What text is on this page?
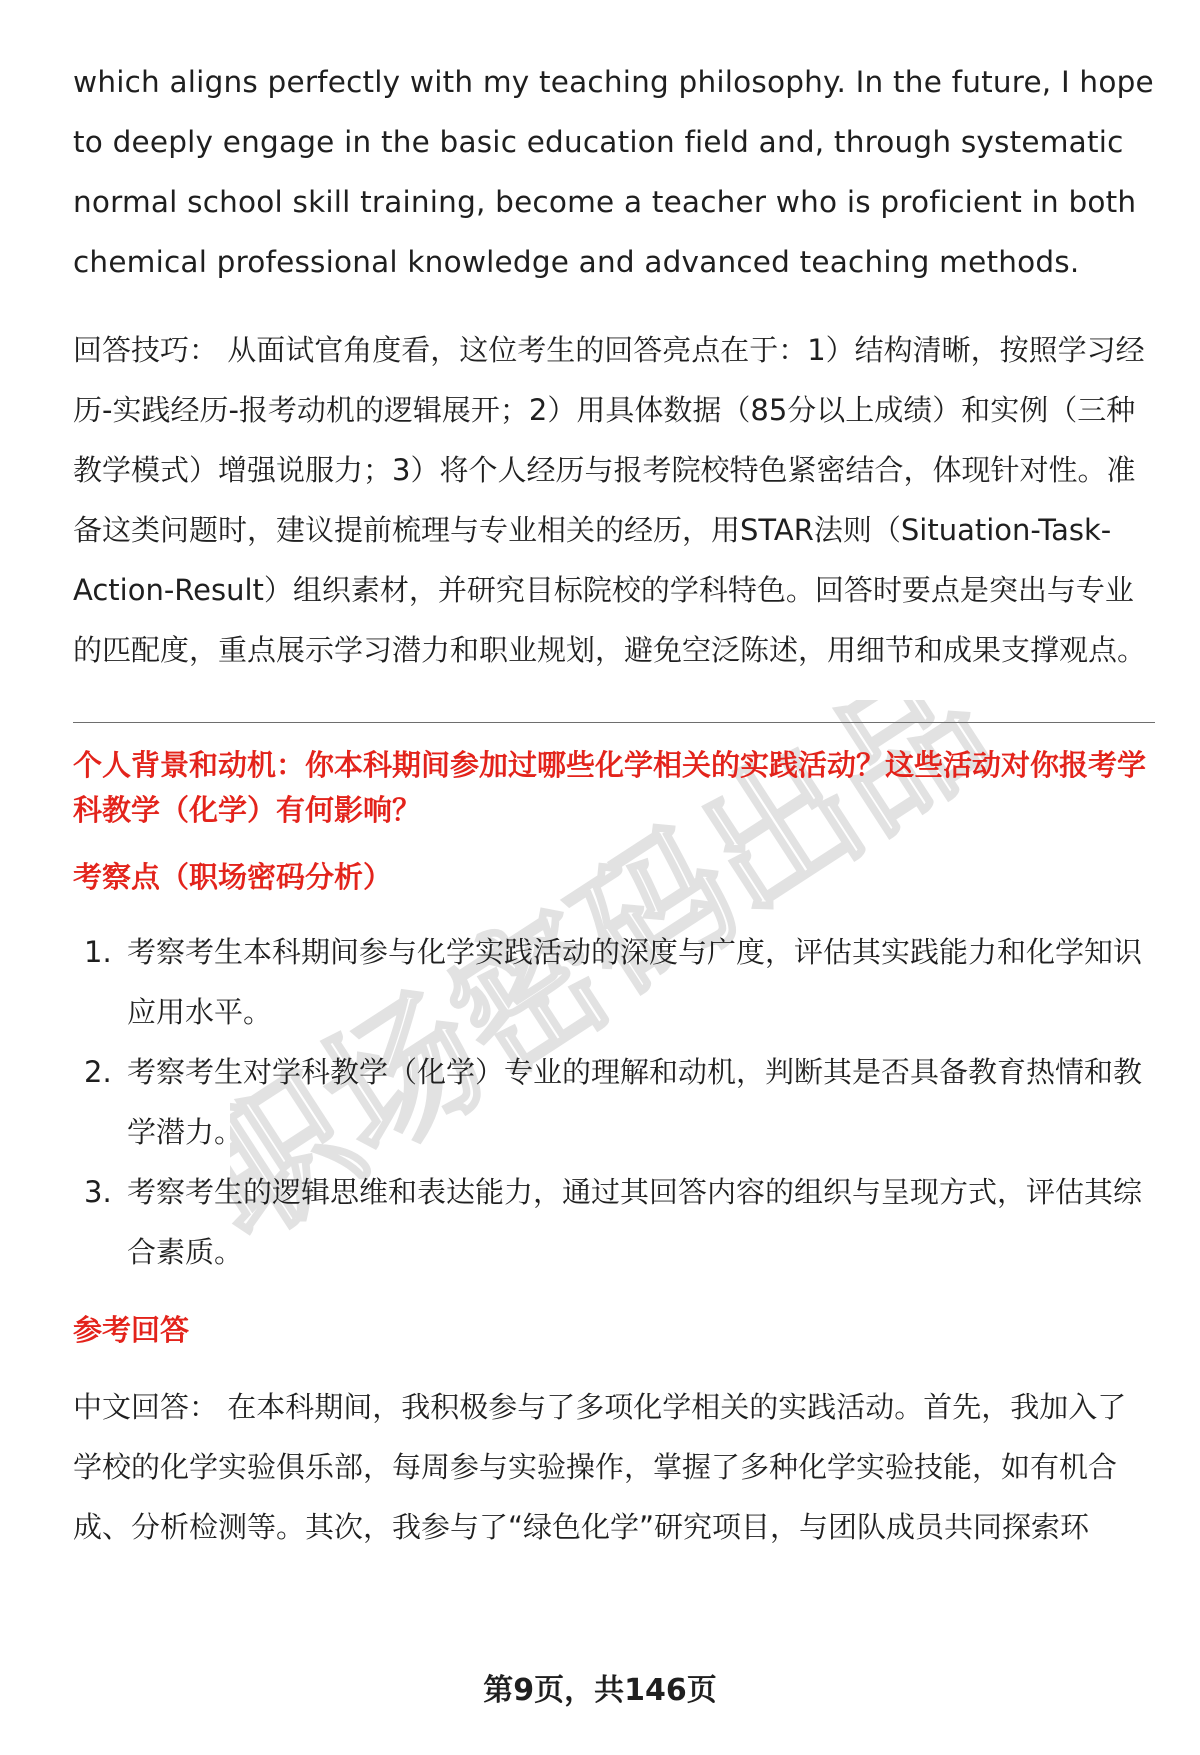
职场密码出品

which aligns perfectly with my teaching philosophy. In the future, I hope to deeply engage in the basic education field and, through systematic normal school skill training, become a teacher who is proficient in both chemical professional knowledge and advanced teaching methods.

回答技巧： 从面试官角度看，这位考生的回答亮点在于：1）结构清晰，按照学习经历-实践经历-报考动机的逻辑展开；2）用具体数据（85分以上成绩）和实例（三种教学模式）增强说服力；3）将个人经历与报考院校特色紧密结合，体现针对性。准备这类问题时，建议提前梳理与专业相关的经历，用STAR法则（Situation-Task-Action-Result）组织素材，并研究目标院校的学科特色。回答时要点是突出与专业的匹配度，重点展示学习潜力和职业规划，避免空泛陈述，用细节和成果支撑观点。

个人背景和动机：你本科期间参加过哪些化学相关的实践活动？这些活动对你报考学科教学（化学）有何影响？

考察点（职场密码分析）

1. 考察考生本科期间参与化学实践活动的深度与广度，评估其实践能力和化学知识应用水平。
2. 考察考生对学科教学（化学）专业的理解和动机，判断其是否具备教育热情和教学潜力。
3. 考察考生的逻辑思维和表达能力，通过其回答内容的组织与呈现方式，评估其综合素质。

参考回答

中文回答： 在本科期间，我积极参与了多项化学相关的实践活动。首先，我加入了学校的化学实验俱乐部，每周参与实验操作，掌握了多种化学实验技能，如有机合成、分析检测等。其次，我参与了“绿色化学”研究项目，与团队成员共同探索环

第9页，共146页
